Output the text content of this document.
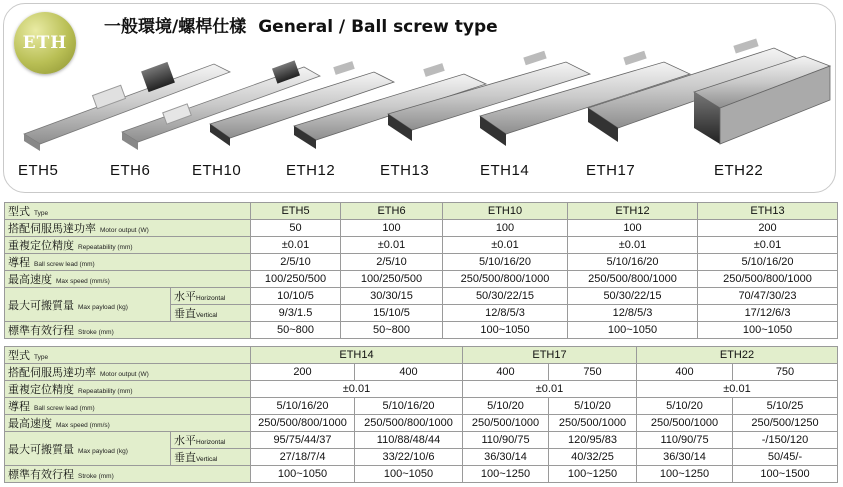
ETH
一般環境/螺桿仕樣 General / Ball screw type
ETH5	ETH6	ETH10	ETH12	ETH13	ETH14	ETH17	ETH22
型式 Type		ETH5	ETH6	ETH10	ETH12	ETH13
搭配伺服馬達功率 Motor output (W)		50	100	100	100	200
重複定位精度 Repeatability (mm)		±0.01	±0.01	±0.01	±0.01	±0.01
導程 Ball screw lead (mm)		2/5/10	2/5/10	5/10/16/20	5/10/16/20	5/10/16/20
最高速度 Max speed (mm/s)		100/250/500	100/250/500	250/500/800/1000	250/500/800/1000	250/500/800/1000
最大可搬質量 Max payload (kg)	水平Horizontal	10/10/5	30/30/15	50/30/22/15	50/30/22/15	70/47/30/23
	垂直Vertical	9/3/1.5	15/10/5	12/8/5/3	12/8/5/3	17/12/6/3
標準有效行程 Stroke (mm)		50~800	50~800	100~1050	100~1050	100~1050
型式 Type		ETH14		ETH17		ETH22	
搭配伺服馬達功率 Motor output (W)		200	400	400	750	400	750
重複定位精度 Repeatability (mm)		±0.01		±0.01		±0.01	
導程 Ball screw lead (mm)		5/10/16/20	5/10/16/20	5/10/20	5/10/20	5/10/20	5/10/25
最高速度 Max speed (mm/s)		250/500/800/1000	250/500/800/1000	250/500/1000	250/500/1000	250/500/1000	250/500/1250
最大可搬質量 Max payload (kg)	水平Horizontal	95/75/44/37	110/88/48/44	110/90/75	120/95/83	110/90/75	-/150/120
	垂直Vertical	27/18/7/4	33/22/10/6	36/30/14	40/32/25	36/30/14	50/45/-
標準有效行程 Stroke (mm)		100~1050	100~1050	100~1250	100~1250	100~1250	100~1500
